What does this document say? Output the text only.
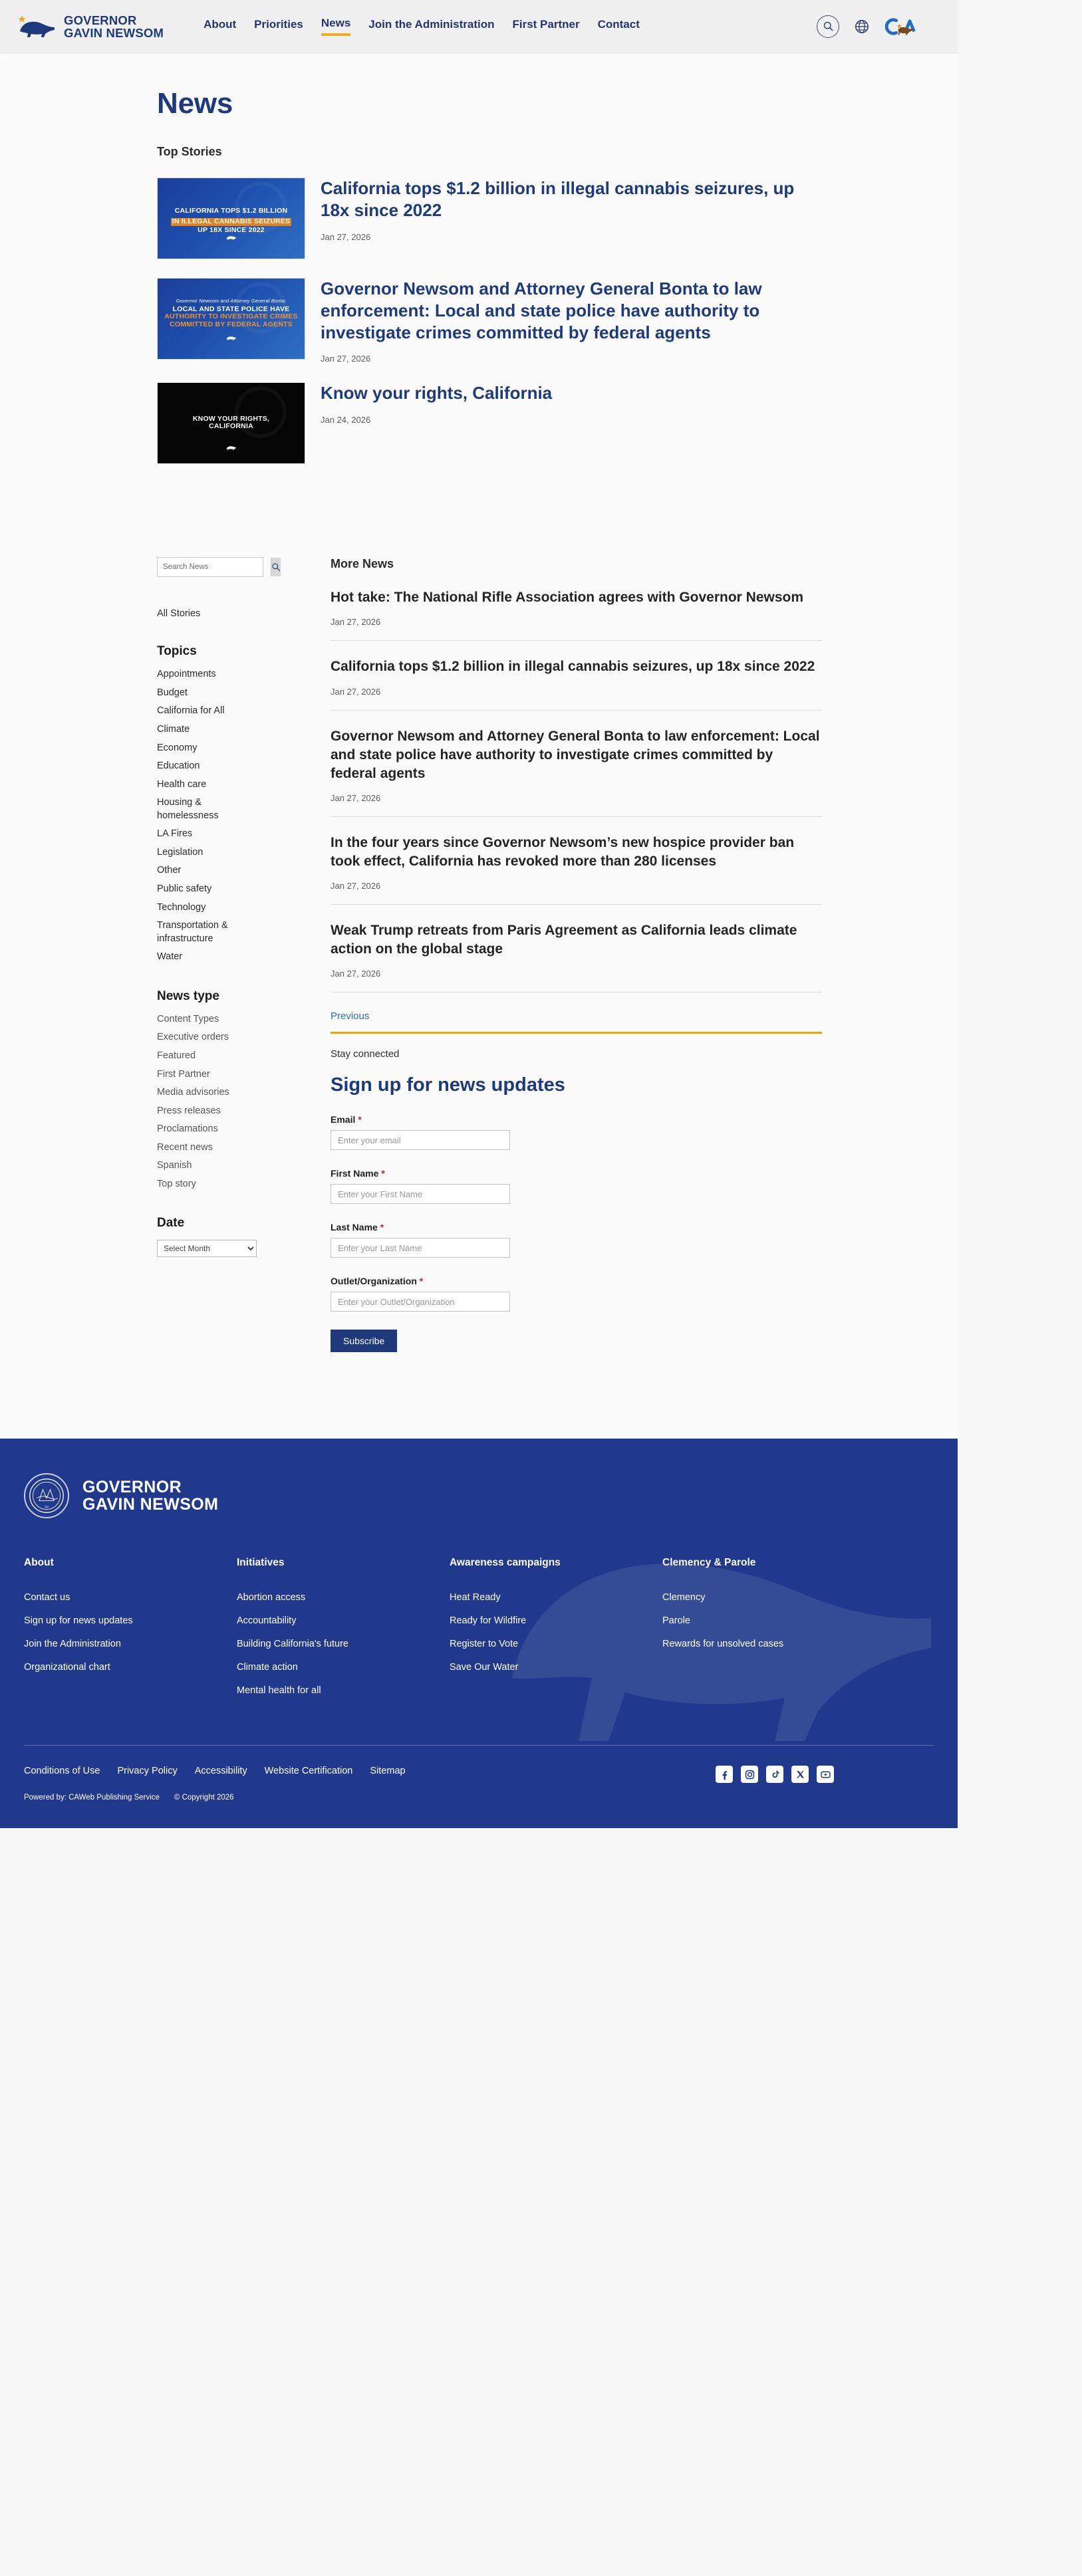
GOVERNOR
GAVIN NEWSOM
About Priorities News Join the Administration First Partner Contact
News
Top Stories
CALIFORNIA TOPS $1.2 BILLION
IN ILLEGAL CANNABIS SEIZURES
UP 18X SINCE 2022
California tops $1.2 billion in illegal cannabis seizures, up 18x since 2022
Jan 27, 2026
Governor Newsom and Attorney General Bonta:
LOCAL AND STATE POLICE HAVE
AUTHORITY TO INVESTIGATE CRIMES
COMMITTED BY FEDERAL AGENTS
Governor Newsom and Attorney General Bonta to law enforcement: Local and state police have authority to investigate crimes committed by federal agents
Jan 27, 2026
KNOW YOUR RIGHTS,
CALIFORNIA
Know your rights, California
Jan 24, 2026
Search News
All Stories
Topics
Appointments
Budget
California for All
Climate
Economy
Education
Health care
Housing & homelessness
LA Fires
Legislation
Other
Public safety
Technology
Transportation & infrastructure
Water
News type
Content Types
Executive orders
Featured
First Partner
Media advisories
Press releases
Proclamations
Recent news
Spanish
Top story
Date
Select Month
More News
Hot take: The National Rifle Association agrees with Governor Newsom
Jan 27, 2026
California tops $1.2 billion in illegal cannabis seizures, up 18x since 2022
Jan 27, 2026
Governor Newsom and Attorney General Bonta to law enforcement: Local and state police have authority to investigate crimes committed by federal agents
Jan 27, 2026
In the four years since Governor Newsom’s new hospice provider ban took effect, California has revoked more than 280 licenses
Jan 27, 2026
Weak Trump retreats from Paris Agreement as California leads climate action on the global stage
Jan 27, 2026
Previous
Stay connected
Sign up for news updates
Email *
Enter your email
First Name *
Enter your First Name
Last Name *
Enter your Last Name
Outlet/Organization *
Enter your Outlet/Organization
Subscribe
XI
GOVERNOR
GAVIN NEWSOM
About
Contact us
Sign up for news updates
Join the Administration
Organizational chart
Initiatives
Abortion access
Accountability
Building California's future
Climate action
Mental health for all
Awareness campaigns
Heat Ready
Ready for Wildfire
Register to Vote
Save Our Water
Clemency & Parole
Clemency
Parole
Rewards for unsolved cases
Conditions of Use Privacy Policy Accessibility Website Certification Sitemap
Powered by: CAWeb Publishing Service © Copyright 2026
